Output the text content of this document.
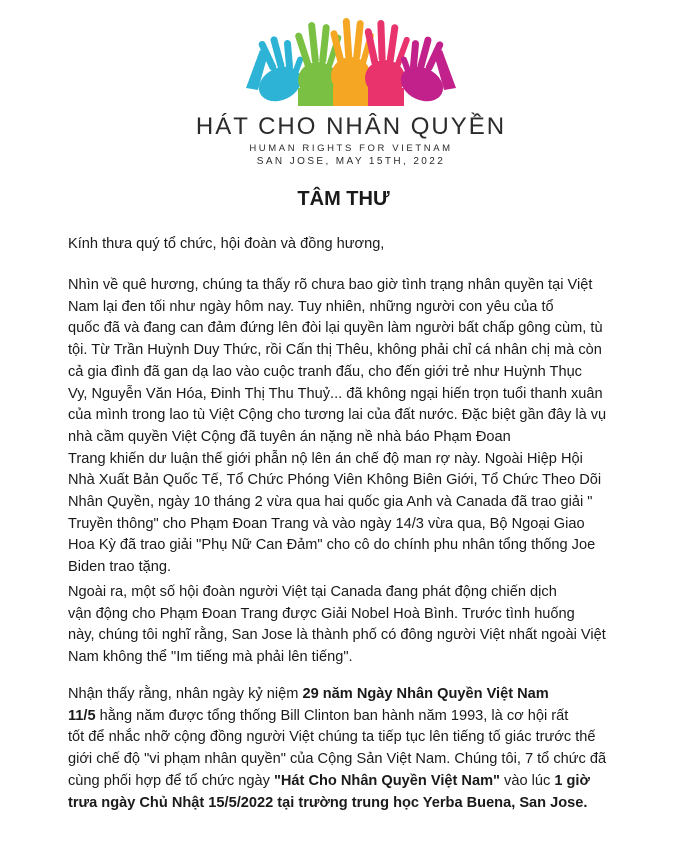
HÁT CHO NHÂN QUYỀN
HUMAN RIGHTS FOR VIETNAM
SAN JOSE, MAY 15TH, 2022
TÂM THƯ
Kính thưa quý tổ chức, hội đoàn và đồng hương,
Nhìn về quê hương, chúng ta thấy rõ chưa bao giờ tình trạng nhân quyền tại Việt
Nam lại đen tối như ngày hôm nay. Tuy nhiên, những người con yêu của tổ
quốc đã và đang can đảm đứng lên đòi lại quyền làm người bất chấp gông cùm, tù
tội. Từ Trần Huỳnh Duy Thức, rồi Cấn thị Thêu, không phải chỉ cá nhân chị mà còn
cả gia đình đã gan dạ lao vào cuộc tranh đấu, cho đến giới trẻ như Huỳnh Thục
Vy, Nguyễn Văn Hóa, Đinh Thị Thu Thuỷ... đã không ngại hiến trọn tuổi thanh xuân
của mình trong lao tù Việt Cộng cho tương lai của đất nước. Đặc biệt gần đây là vụ
nhà cầm quyền Việt Cộng đã tuyên án nặng nề nhà báo Phạm Đoan
Trang khiến dư luận thế giới phẫn nộ lên án chế độ man rợ này. Ngoài Hiệp Hội
Nhà Xuất Bản Quốc Tế, Tổ Chức Phóng Viên Không Biên Giới, Tổ Chức Theo Dõi
Nhân Quyền, ngày 10 tháng 2 vừa qua hai quốc gia Anh và Canada đã trao giải "
Truyền thông" cho Phạm Đoan Trang và vào ngày 14/3 vừa qua, Bộ Ngoại Giao
Hoa Kỳ đã trao giải "Phụ Nữ Can Đảm" cho cô do chính phu nhân tổng thống Joe
Biden trao tặng.
Ngoài ra, một số hội đoàn người Việt tại Canada đang phát động chiến dịch
vận động cho Phạm Đoan Trang được Giải Nobel Hoà Bình. Trước tình huống
này, chúng tôi nghĩ rằng, San Jose là thành phố có đông người Việt nhất ngoài Việt
Nam không thể "Im tiếng mà phải lên tiếng".
Nhận thấy rằng, nhân ngày kỷ niệm 29 năm Ngày Nhân Quyền Việt Nam
11/5 hằng năm được tổng thống Bill Clinton ban hành năm 1993, là cơ hội rất
tốt để nhắc nhỡ cộng đồng người Việt chúng ta tiếp tục lên tiếng tố giác trước thế
giới chế độ "vi phạm nhân quyền" của Cộng Sản Việt Nam. Chúng tôi, 7 tổ chức đã
cùng phối hợp để tổ chức ngày "Hát Cho Nhân Quyền Việt Nam" vào lúc 1 giờ
trưa ngày Chủ Nhật 15/5/2022 tại trường trung học Yerba Buena, San Jose.
